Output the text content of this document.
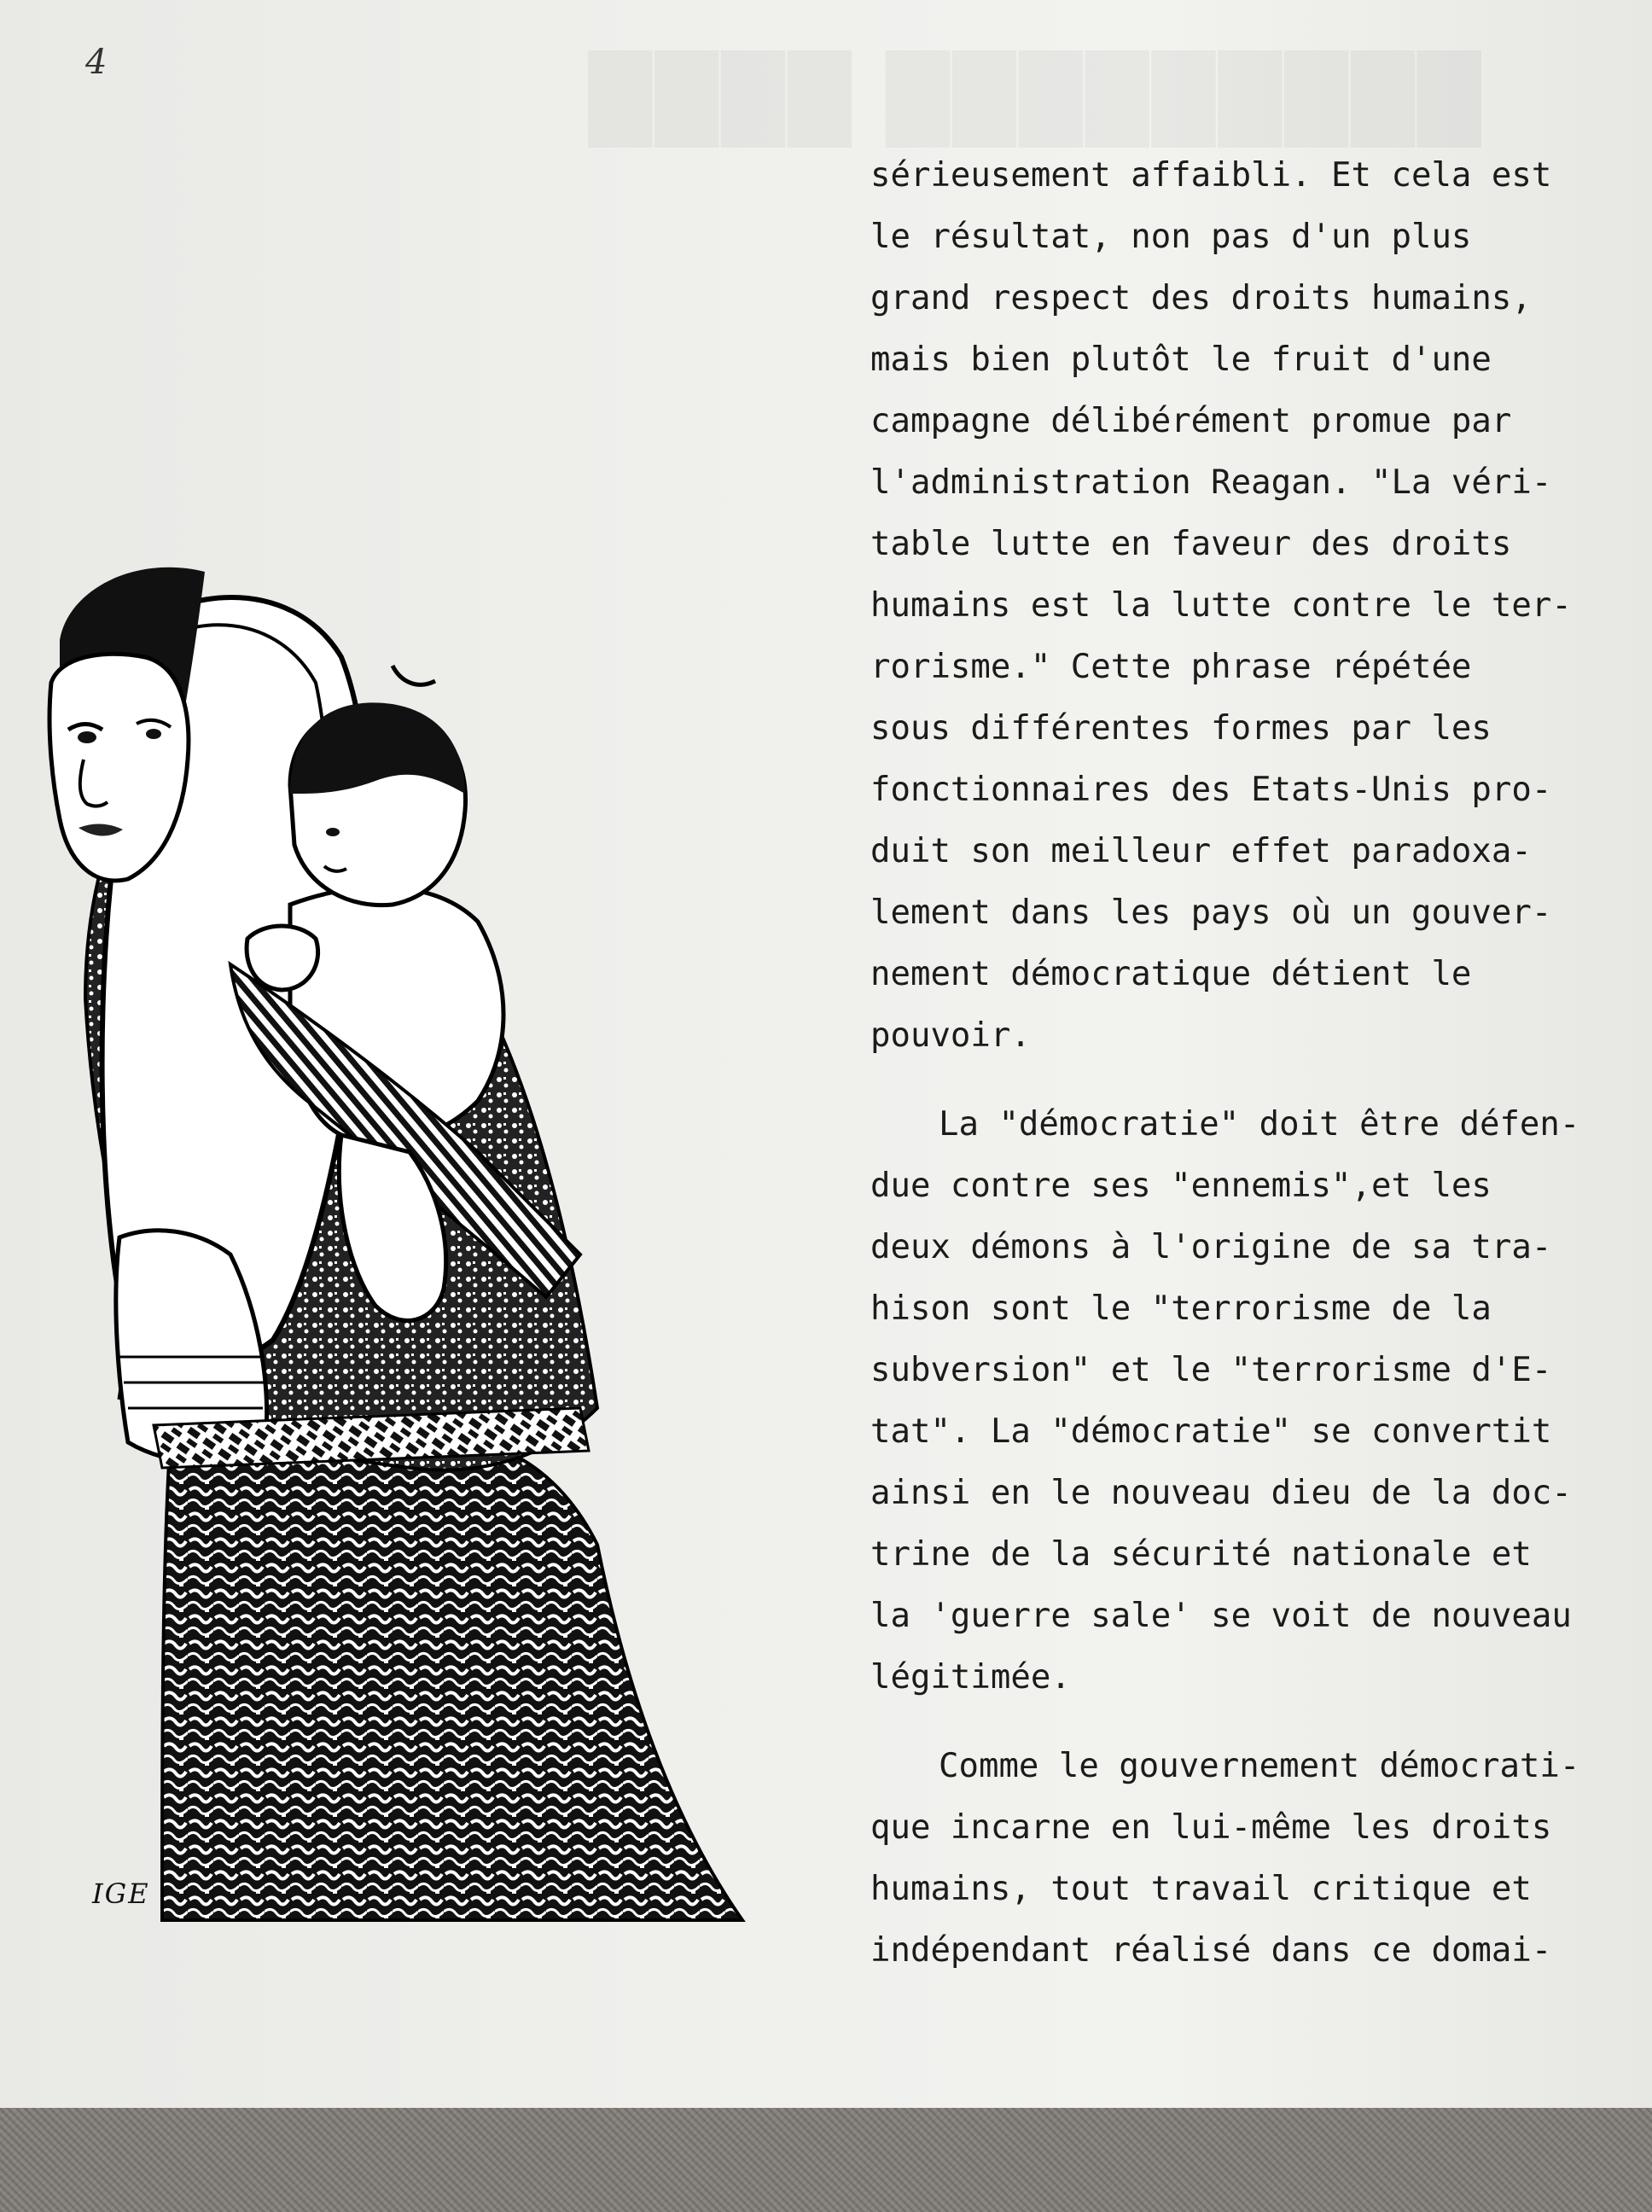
4

IGE

sérieusement affaibli. Et cela est
le résultat, non pas d'un plus
grand respect des droits humains,
mais bien plutôt le fruit d'une
campagne délibérément promue par
l'administration Reagan. "La véri-
table lutte en faveur des droits
humains est la lutte contre le ter-
rorisme." Cette phrase répétée
sous différentes formes par les
fonctionnaires des Etats-Unis pro-
duit son meilleur effet paradoxa-
lement dans les pays où un gouver-
nement démocratique détient le
pouvoir.

La "démocratie" doit être défen-
due contre ses "ennemis",et les
deux démons à l'origine de sa tra-
hison sont le "terrorisme de la
subversion" et le "terrorisme d'E-
tat". La "démocratie" se convertit
ainsi en le nouveau dieu de la doc-
trine de la sécurité nationale et
la 'guerre sale' se voit de nouveau
légitimée.

Comme le gouvernement démocrati-
que incarne en lui-même les droits
humains, tout travail critique et
indépendant réalisé dans ce domai-
